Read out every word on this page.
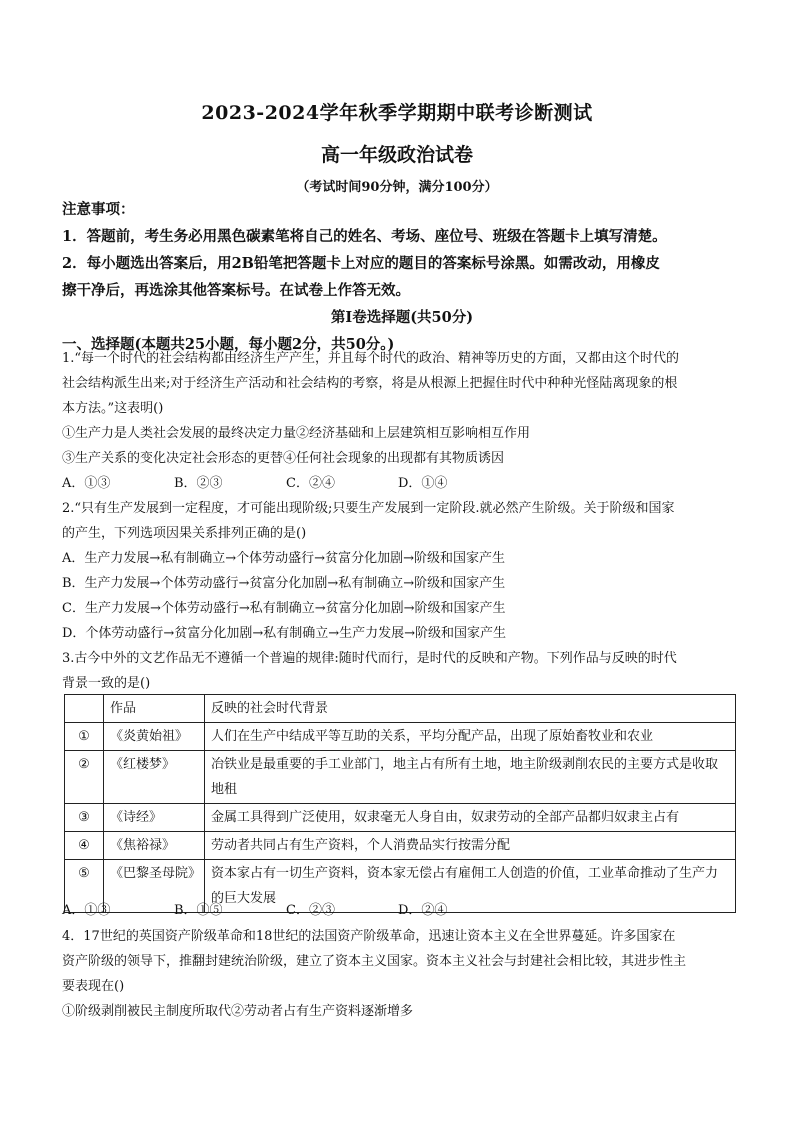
2023-2024学年秋季学期期中联考诊断测试
高一年级政治试卷
（考试时间90分钟，满分100分）
注意事项：
1．答题前，考生务必用黑色碳素笔将自己的姓名、考场、座位号、班级在答题卡上填写清楚。
2．每小题选出答案后，用2B铅笔把答题卡上对应的题目的答案标号涂黑。如需改动，用橡皮
擦干净后，再选涂其他答案标号。在试卷上作答无效。
第Ⅰ卷选择题(共50分)
一、选择题(本题共25小题，每小题2分，共50分。)
1.“每一个时代的社会结构都由经济生产产生，并且每个时代的政治、精神等历史的方面，又都由这个时代的
社会结构派生出来;对于经济生产活动和社会结构的考察，将是从根源上把握住时代中种种光怪陆离现象的根
本方法。”这表明()
①生产力是人类社会发展的最终决定力量②经济基础和上层建筑相互影响相互作用
③生产关系的变化决定社会形态的更替④任何社会现象的出现都有其物质诱因
A．①③	B．②③	C．②④	D．①④
2.“只有生产发展到一定程度，才可能出现阶级;只要生产发展到一定阶段.就必然产生阶级。关于阶级和国家
的产生，下列选项因果关系排列正确的是()
A．生产力发展→私有制确立→个体劳动盛行→贫富分化加剧→阶级和国家产生
B．生产力发展→个体劳动盛行→贫富分化加剧→私有制确立→阶级和国家产生
C．生产力发展→个体劳动盛行→私有制确立→贫富分化加剧→阶级和国家产生
D．个体劳动盛行→贫富分化加剧→私有制确立→生产力发展→阶级和国家产生
3.古今中外的文艺作品无不遵循一个普遍的规律:随时代而行，是时代的反映和产物。下列作品与反映的时代
背景一致的是()
	作品	反映的社会时代背景
①	《炎黄始祖》	人们在生产中结成平等互助的关系，平均分配产品，出现了原始畜牧业和农业
②	《红楼梦》	冶铁业是最重要的手工业部门，地主占有所有土地，地主阶级剥削农民的主要方式是收取地租
③	《诗经》	金属工具得到广泛使用，奴隶毫无人身自由，奴隶劳动的全部产品都归奴隶主占有
④	《焦裕禄》	劳动者共同占有生产资料，个人消费品实行按需分配
⑤	《巴黎圣母院》	资本家占有一切生产资料，资本家无偿占有雇佣工人创造的价值，工业革命推动了生产力的巨大发展
A．①③	B．①⑤	C．②③	D．②④
4．17世纪的英国资产阶级革命和18世纪的法国资产阶级革命，迅速让资本主义在全世界蔓延。许多国家在
资产阶级的领导下，推翻封建统治阶级，建立了资本主义国家。资本主义社会与封建社会相比较，其进步性主
要表现在()
①阶级剥削被民主制度所取代②劳动者占有生产资料逐渐增多
